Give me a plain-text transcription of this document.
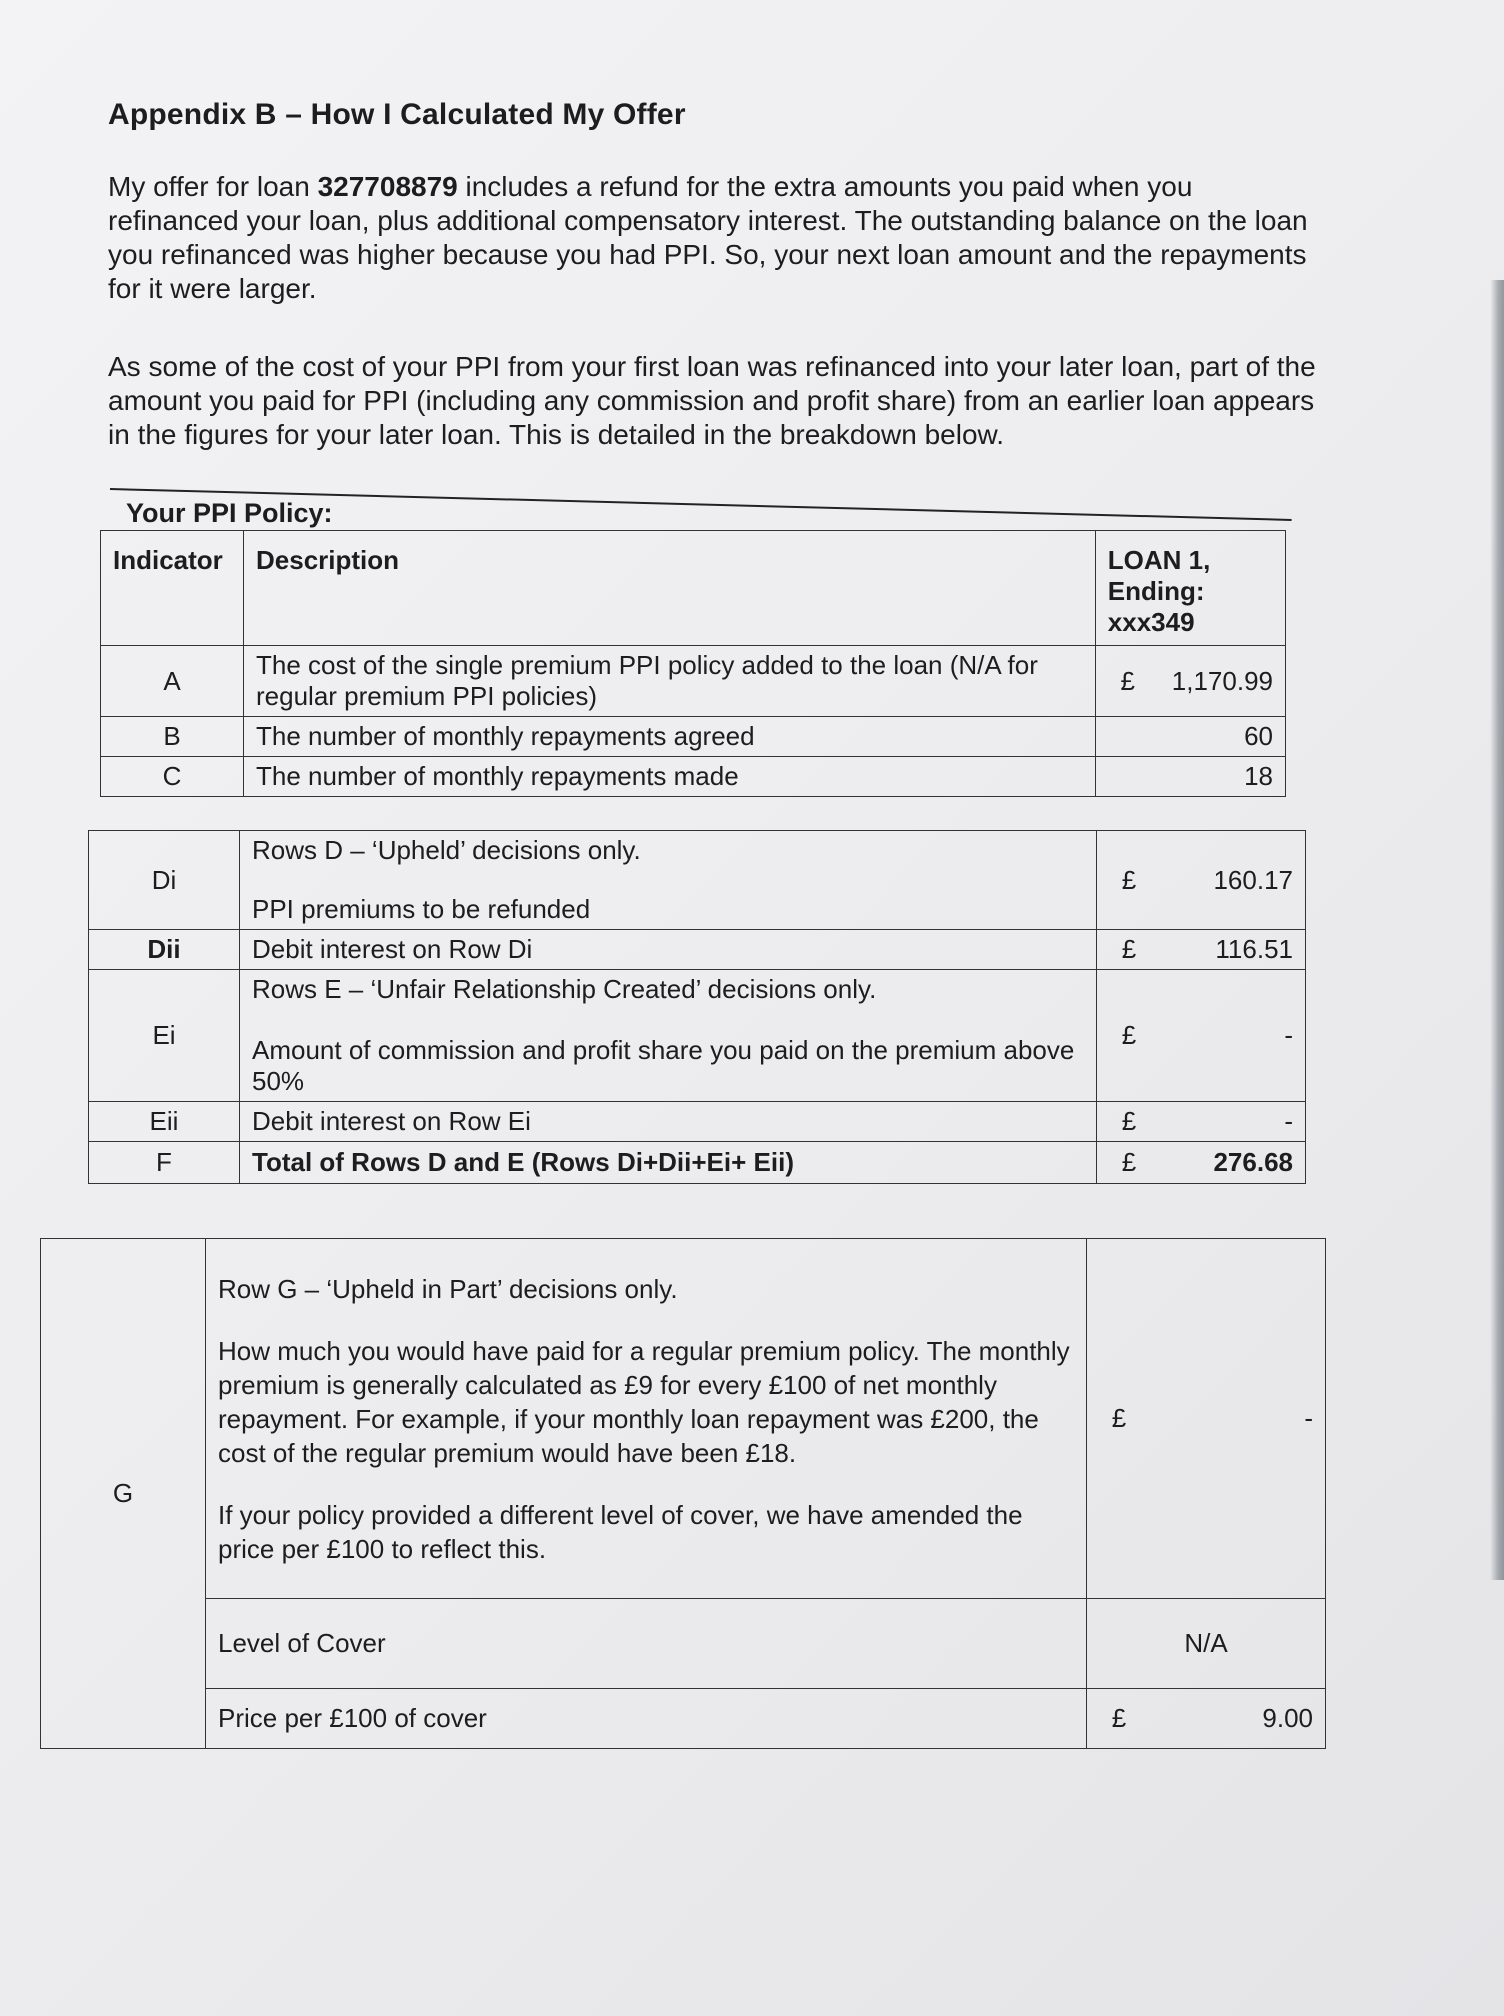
Appendix B – How I Calculated My Offer

My offer for loan 327708879 includes a refund for the extra amounts you paid when you refinanced your loan, plus additional compensatory interest. The outstanding balance on the loan you refinanced was higher because you had PPI. So, your next loan amount and the repayments for it were larger.

As some of the cost of your PPI from your first loan was refinanced into your later loan, part of the amount you paid for PPI (including any commission and profit share) from an earlier loan appears in the figures for your later loan. This is detailed in the breakdown below.

Your PPI Policy:
Indicator	Description	LOAN 1, Ending: xxx349	
A	The cost of the single premium PPI policy added to the loan (N/A for regular premium PPI policies)	£	1,170.99
B	The number of monthly repayments agreed		60
C	The number of monthly repayments made		18
Di	Rows D – ‘Upheld’ decisions only.
PPI premiums to be refunded	£	160.17
Dii	Debit interest on Row Di	£	116.51
Ei	Rows E – ‘Unfair Relationship Created’ decisions only.
Amount of commission and profit share you paid on the premium above 50%	£	-
Eii	Debit interest on Row Ei	£	-
F	Total of Rows D and E (Rows Di+Dii+Ei+ Eii)	£	276.68
G	Row G – ‘Upheld in Part’ decisions only.

How much you would have paid for a regular premium policy. The monthly premium is generally calculated as £9 for every £100 of net monthly repayment. For example, if your monthly loan repayment was £200, the cost of the regular premium would have been £18.

If your policy provided a different level of cover, we have amended the price per £100 to reflect this.	£	-
	Level of Cover	N/A	
	Price per £100 of cover	£	9.00
